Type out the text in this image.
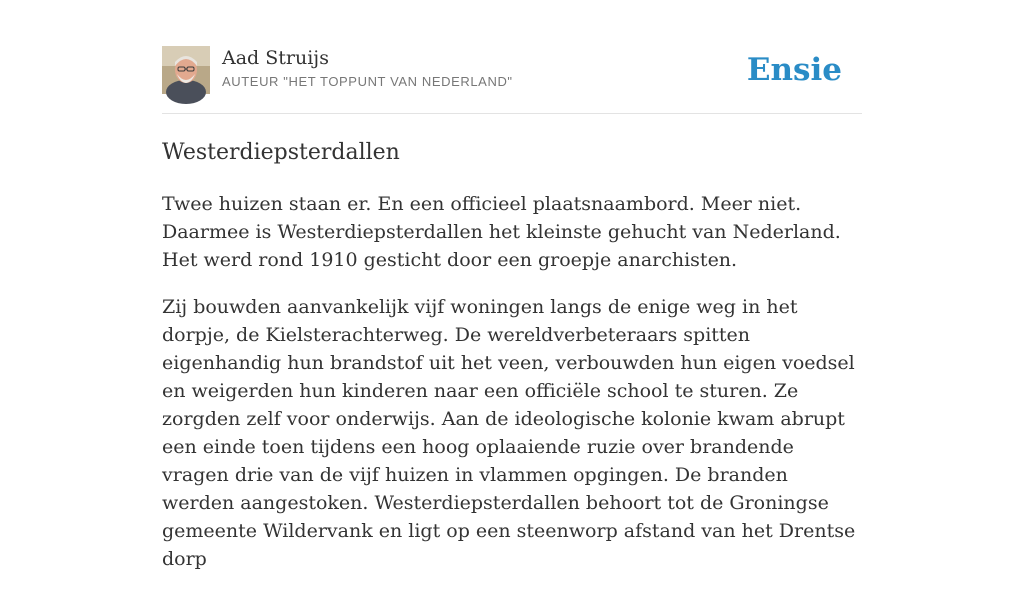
Aad Struijs
AUTEUR "HET TOPPUNT VAN NEDERLAND"	Ensie
Westerdiepsterdallen

Twee huizen staan er. En een officieel plaatsnaambord. Meer niet. Daarmee is Westerdiepsterdallen het kleinste gehucht van Nederland. Het werd rond 1910 gesticht door een groepje anarchisten.

Zij bouwden aanvankelijk vijf woningen langs de enige weg in het dorpje, de Kielsterachterweg. De wereldverbeteraars spitten eigenhandig hun brandstof uit het veen, verbouwden hun eigen voedsel en weigerden hun kinderen naar een officiële school te sturen. Ze zorgden zelf voor onderwijs. Aan de ideologische kolonie kwam abrupt een einde toen tijdens een hoog oplaaiende ruzie over brandende vragen drie van de vijf huizen in vlammen opgingen. De branden werden aangestoken. Westerdiepsterdallen behoort tot de Groningse gemeente Wildervank en ligt op een steenworp afstand van het Drentse dorp
